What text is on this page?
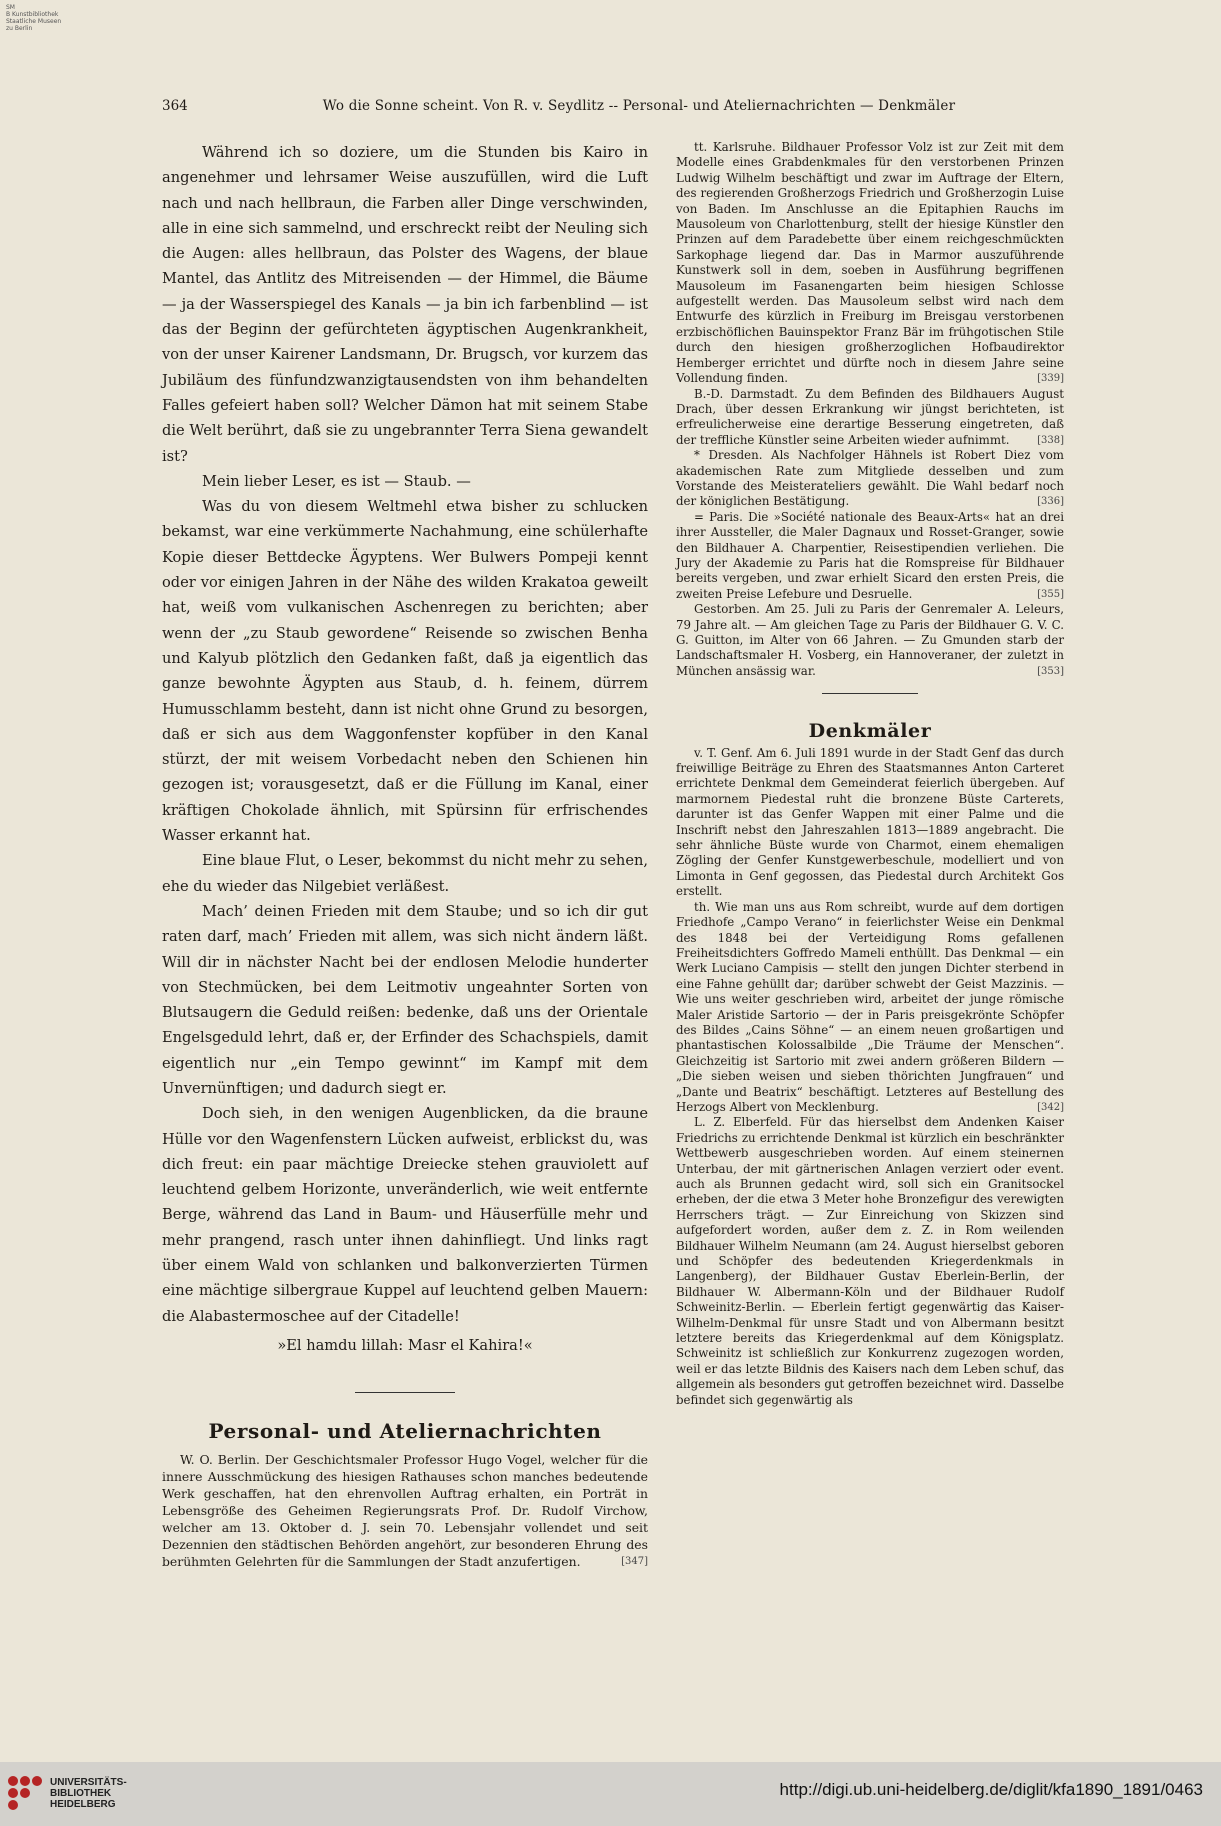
SM
B Kunstbibliothek
Staatliche Museen
zu Berlin
364	Wo die Sonne scheint. Von R. v. Seydlitz -- Personal- und Ateliernachrichten — Denkmäler

Während ich so doziere, um die Stunden bis Kairo in angenehmer und lehrsamer Weise auszufüllen, wird die Luft nach und nach hellbraun, die Farben aller Dinge verschwinden, alle in eine sich sammelnd, und erschreckt reibt der Neuling sich die Augen: alles hellbraun, das Polster des Wagens, der blaue Mantel, das Antlitz des Mitreisenden — der Himmel, die Bäume — ja der Wasserspiegel des Kanals — ja bin ich farbenblind — ist das der Beginn der gefürchteten ägyptischen Augenkrankheit, von der unser Kairener Landsmann, Dr. Brugsch, vor kurzem das Jubiläum des fünfundzwanzigtausendsten von ihm behandelten Falles gefeiert haben soll? Welcher Dämon hat mit seinem Stabe die Welt berührt, daß sie zu ungebrannter Terra Siena gewandelt ist?

Mein lieber Leser, es ist — Staub. —

Was du von diesem Weltmehl etwa bisher zu schlucken bekamst, war eine verkümmerte Nachahmung, eine schülerhafte Kopie dieser Bettdecke Ägyptens. Wer Bulwers Pompeji kennt oder vor einigen Jahren in der Nähe des wilden Krakatoa geweilt hat, weiß vom vulkanischen Aschenregen zu berichten; aber wenn der „zu Staub gewordene“ Reisende so zwischen Benha und Kalyub plötzlich den Gedanken faßt, daß ja eigentlich das ganze bewohnte Ägypten aus Staub, d. h. feinem, dürrem Humusschlamm besteht, dann ist nicht ohne Grund zu besorgen, daß er sich aus dem Waggonfenster kopfüber in den Kanal stürzt, der mit weisem Vorbedacht neben den Schienen hin gezogen ist; vorausgesetzt, daß er die Füllung im Kanal, einer kräftigen Chokolade ähnlich, mit Spürsinn für erfrischendes Wasser erkannt hat.

Eine blaue Flut, o Leser, bekommst du nicht mehr zu sehen, ehe du wieder das Nilgebiet verläßest.

Mach’ deinen Frieden mit dem Staube; und so ich dir gut raten darf, mach’ Frieden mit allem, was sich nicht ändern läßt. Will dir in nächster Nacht bei der endlosen Melodie hunderter von Stechmücken, bei dem Leitmotiv ungeahnter Sorten von Blutsaugern die Geduld reißen: bedenke, daß uns der Orientale Engelsgeduld lehrt, daß er, der Erfinder des Schachspiels, damit eigentlich nur „ein Tempo gewinnt“ im Kampf mit dem Unvernünftigen; und dadurch siegt er.

Doch sieh, in den wenigen Augenblicken, da die braune Hülle vor den Wagenfenstern Lücken aufweist, erblickst du, was dich freut: ein paar mächtige Dreiecke stehen grauviolett auf leuchtend gelbem Horizonte, unveränderlich, wie weit entfernte Berge, während das Land in Baum- und Häuserfülle mehr und mehr prangend, rasch unter ihnen dahinfliegt. Und links ragt über einem Wald von schlanken und balkonverzierten Türmen eine mächtige silbergraue Kuppel auf leuchtend gelben Mauern: die Alabastermoschee auf der Citadelle!

»El hamdu lillah: Masr el Kahira!«

Personal- und Ateliernachrichten

W. O. Berlin. Der Geschichtsmaler Professor Hugo Vogel, welcher für die innere Ausschmückung des hiesigen Rathauses schon manches bedeutende Werk geschaffen, hat den ehrenvollen Auftrag erhalten, ein Porträt in Lebensgröße des Geheimen Regierungsrats Prof. Dr. Rudolf Virchow, welcher am 13. Oktober d. J. sein 70. Lebensjahr vollendet und seit Dezennien den städtischen Behörden angehört, zur besonderen Ehrung des berühmten Gelehrten für die Sammlungen der Stadt anzufertigen.	[347]

tt. Karlsruhe. Bildhauer Professor Volz ist zur Zeit mit dem Modelle eines Grabdenkmales für den verstorbenen Prinzen Ludwig Wilhelm beschäftigt und zwar im Auftrage der Eltern, des regierenden Großherzogs Friedrich und Großherzogin Luise von Baden. Im Anschlusse an die Epitaphien Rauchs im Mausoleum von Charlottenburg, stellt der hiesige Künstler den Prinzen auf dem Paradebette über einem reichgeschmückten Sarkophage liegend dar. Das in Marmor auszuführende Kunstwerk soll in dem, soeben in Ausführung begriffenen Mausoleum im Fasanengarten beim hiesigen Schlosse aufgestellt werden. Das Mausoleum selbst wird nach dem Entwurfe des kürzlich in Freiburg im Breisgau verstorbenen erzbischöflichen Bauinspektor Franz Bär im frühgotischen Stile durch den hiesigen großherzoglichen Hofbaudirektor Hemberger errichtet und dürfte noch in diesem Jahre seine Vollendung finden.	[339]

B.-D. Darmstadt. Zu dem Befinden des Bildhauers August Drach, über dessen Erkrankung wir jüngst berichteten, ist erfreulicherweise eine derartige Besserung eingetreten, daß der treffliche Künstler seine Arbeiten wieder aufnimmt.	[338]

* Dresden. Als Nachfolger Hähnels ist Robert Diez vom akademischen Rate zum Mitgliede desselben und zum Vorstande des Meisterateliers gewählt. Die Wahl bedarf noch der königlichen Bestätigung.	[336]

= Paris. Die »Société nationale des Beaux-Arts« hat an drei ihrer Aussteller, die Maler Dagnaux und Rosset-Granger, sowie den Bildhauer A. Charpentier, Reisestipendien verliehen. Die Jury der Akademie zu Paris hat die Romspreise für Bildhauer bereits vergeben, und zwar erhielt Sicard den ersten Preis, die zweiten Preise Lefebure und Desruelle.	[355]

Gestorben. Am 25. Juli zu Paris der Genremaler A. Leleurs, 79 Jahre alt. — Am gleichen Tage zu Paris der Bildhauer G. V. C. G. Guitton, im Alter von 66 Jahren. — Zu Gmunden starb der Landschaftsmaler H. Vosberg, ein Hannoveraner, der zuletzt in München ansässig war.	[353]

Denkmäler

v. T. Genf. Am 6. Juli 1891 wurde in der Stadt Genf das durch freiwillige Beiträge zu Ehren des Staatsmannes Anton Carteret errichtete Denkmal dem Gemeinderat feierlich übergeben. Auf marmornem Piedestal ruht die bronzene Büste Carterets, darunter ist das Genfer Wappen mit einer Palme und die Inschrift nebst den Jahreszahlen 1813—1889 angebracht. Die sehr ähnliche Büste wurde von Charmot, einem ehemaligen Zögling der Genfer Kunstgewerbeschule, modelliert und von Limonta in Genf gegossen, das Piedestal durch Architekt Gos erstellt.

th. Wie man uns aus Rom schreibt, wurde auf dem dortigen Friedhofe „Campo Verano“ in feierlichster Weise ein Denkmal des 1848 bei der Verteidigung Roms gefallenen Freiheitsdichters Goffredo Mameli enthüllt. Das Denkmal — ein Werk Luciano Campisis — stellt den jungen Dichter sterbend in eine Fahne gehüllt dar; darüber schwebt der Geist Mazzinis. — Wie uns weiter geschrieben wird, arbeitet der junge römische Maler Aristide Sartorio — der in Paris preisgekrönte Schöpfer des Bildes „Cains Söhne“ — an einem neuen großartigen und phantastischen Kolossalbilde „Die Träume der Menschen“. Gleichzeitig ist Sartorio mit zwei andern größeren Bildern — „Die sieben weisen und sieben thörichten Jungfrauen“ und „Dante und Beatrix“ beschäftigt. Letzteres auf Bestellung des Herzogs Albert von Mecklenburg.	[342]

L. Z. Elberfeld. Für das hierselbst dem Andenken Kaiser Friedrichs zu errichtende Denkmal ist kürzlich ein beschränkter Wettbewerb ausgeschrieben worden. Auf einem steinernen Unterbau, der mit gärtnerischen Anlagen verziert oder event. auch als Brunnen gedacht wird, soll sich ein Granitsockel erheben, der die etwa 3 Meter hohe Bronzefigur des verewigten Herrschers trägt. — Zur Einreichung von Skizzen sind aufgefordert worden, außer dem z. Z. in Rom weilenden Bildhauer Wilhelm Neumann (am 24. August hierselbst geboren und Schöpfer des bedeutenden Kriegerdenkmals in Langenberg), der Bildhauer Gustav Eberlein-Berlin, der Bildhauer W. Albermann-Köln und der Bildhauer Rudolf Schweinitz-Berlin. — Eberlein fertigt gegenwärtig das Kaiser-Wilhelm-Denkmal für unsre Stadt und von Albermann besitzt letztere bereits das Kriegerdenkmal auf dem Königsplatz. Schweinitz ist schließlich zur Konkurrenz zugezogen worden, weil er das letzte Bildnis des Kaisers nach dem Leben schuf, das allgemein als besonders gut getroffen bezeichnet wird. Dasselbe befindet sich gegenwärtig als

UNIVERSITÄTS-
BIBLIOTHEK
HEIDELBERG
http://digi.ub.uni-heidelberg.de/diglit/kfa1890_1891/0463
